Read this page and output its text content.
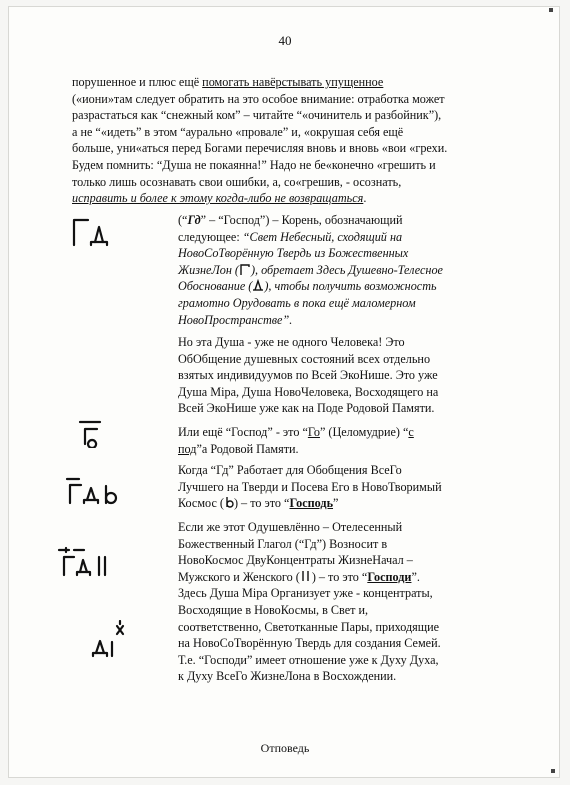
40
порушенное и плюс ещё помогать навёрстывать упущенное
(«иони»там следует обратить на это особое внимание: отработка может
разрастаться как “снежный ком” – читайте “«очинитель и разбойник”),
а не “«идеть” в этом “аурально «провале” и, «окрушая себя ещё
больше, уни«аться перед Богами перечисляя вновь и вновь «вои «грехи.
Будем помнить: “Душа не покаянна!” Надо не бе«конечно «грешить и
только лишь осознавать свои ошибки, а, со«грешив, - осознать,
исправить и более к этому когда-либо не возвращаться.
(“Гд” – “Господ”) – Корень, обозначающий
следующее: “Свет Небесный, сходящий на
НовоСоТворённую Твердь из Божественных
ЖизнеЛон ( ), обретает Здесь Душевно-Телесное
Обоснование ( ), чтобы получить возможность
грамотно Орудовать в пока ещё маломерном
НовоПространстве”.
Но эта Душа - уже не одного Человека! Это
ОбОбщение душевных состояний всех отдельно
взятых индивидуумов по Всей ЭкоНише. Это уже
Душа Міра, Душа НовоЧеловека, Восходящего на
Всей ЭкоНише уже как на Поде Родовой Памяти.
Или ещё “Господ” - это “Го” (Целомудрие) “с
под”а Родовой Памяти.
Когда “Гд” Работает для Обобщения ВсеГо
Лучшего на Тверди и Посева Его в НовоТворимый
Космос ( ) – то это “Господь”
Если же этот Одушевлённо – Отелесенный
Божественный Глагол (“Гд”) Возносит в
НовоКосмос ДвуКонцентраты ЖизнеНачал –
Мужского и Женского ( ) – то это “Господи”.
Здесь Душа Міра Организует уже - концентраты,
Восходящие в НовоКосмы, в Свет и,
соответственно, Светотканные Пары, приходящие
на НовоСоТворённую Твердь для создания Семей.
Т.е. “Господи” имеет отношение уже к Духу Духа,
к Духу ВсеГо ЖизнеЛона в Восхождении.
Отповедь
